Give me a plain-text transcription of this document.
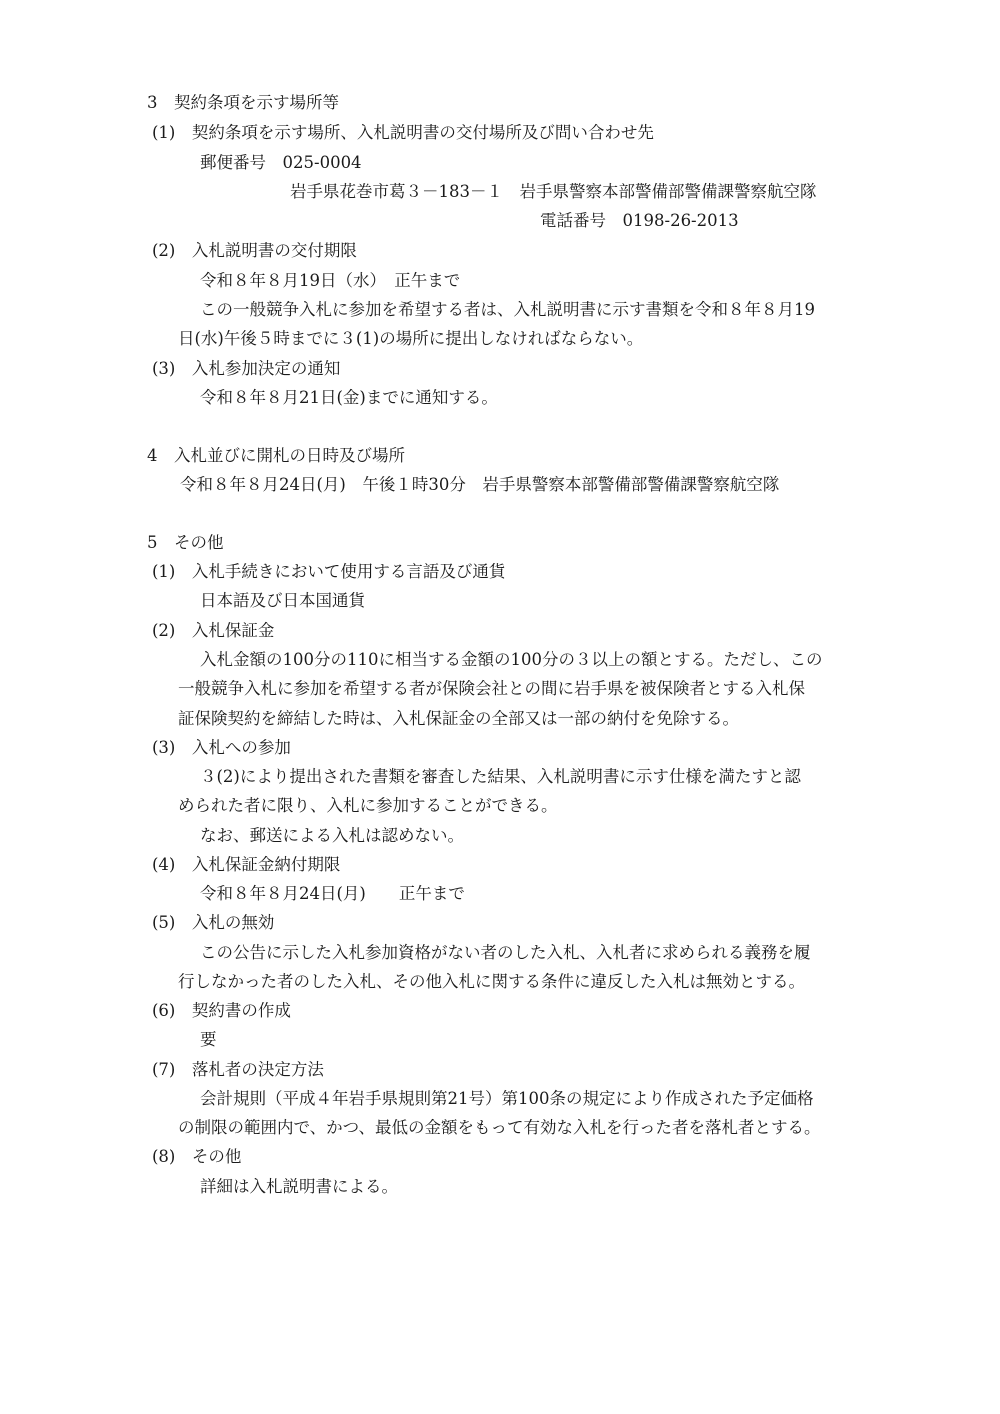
3　契約条項を示す場所等
(1)　契約条項を示す場所、入札説明書の交付場所及び問い合わせ先
郵便番号　025-0004
岩手県花巻市葛３－183－１　岩手県警察本部警備部警備課警察航空隊
電話番号　0198-26-2013
(2)　入札説明書の交付期限
令和８年８月19日（水）　正午まで
この一般競争入札に参加を希望する者は、入札説明書に示す書類を令和８年８月19
日(水)午後５時までに３(1)の場所に提出しなければならない。
(3)　入札参加決定の通知
令和８年８月21日(金)までに通知する。
4　入札並びに開札の日時及び場所
令和８年８月24日(月)　午後１時30分　岩手県警察本部警備部警備課警察航空隊
5　その他
(1)　入札手続きにおいて使用する言語及び通貨
日本語及び日本国通貨
(2)　入札保証金
入札金額の100分の110に相当する金額の100分の３以上の額とする。ただし、この
一般競争入札に参加を希望する者が保険会社との間に岩手県を被保険者とする入札保
証保険契約を締結した時は、入札保証金の全部又は一部の納付を免除する。
(3)　入札への参加
３(2)により提出された書類を審査した結果、入札説明書に示す仕様を満たすと認
められた者に限り、入札に参加することができる。
なお、郵送による入札は認めない。
(4)　入札保証金納付期限
令和８年８月24日(月)　　正午まで
(5)　入札の無効
この公告に示した入札参加資格がない者のした入札、入札者に求められる義務を履
行しなかった者のした入札、その他入札に関する条件に違反した入札は無効とする。
(6)　契約書の作成
要
(7)　落札者の決定方法
会計規則（平成４年岩手県規則第21号）第100条の規定により作成された予定価格
の制限の範囲内で、かつ、最低の金額をもって有効な入札を行った者を落札者とする。
(8)　その他
詳細は入札説明書による。
